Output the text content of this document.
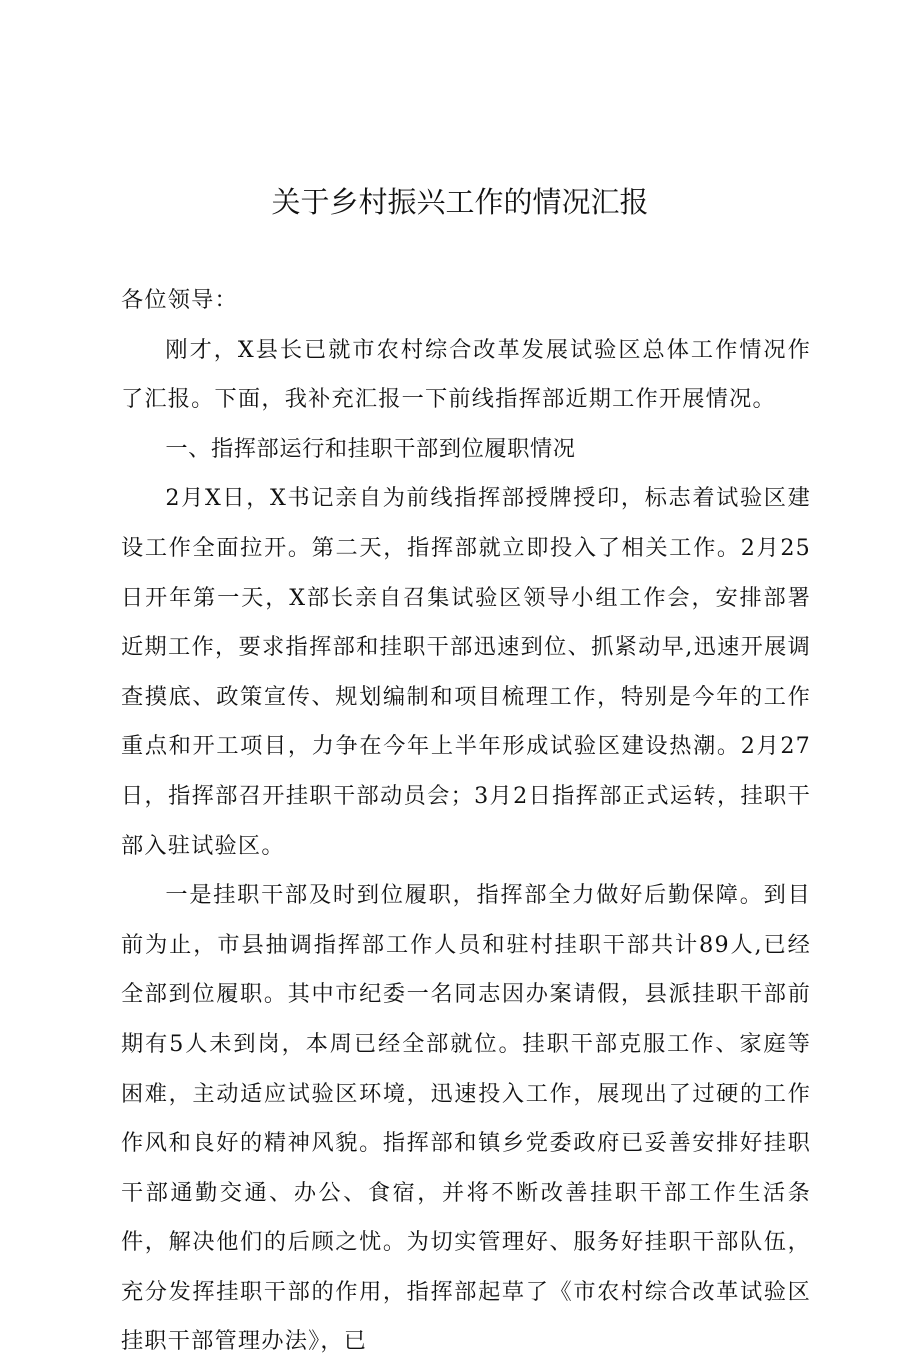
关于乡村振兴工作的情况汇报

各位领导：

刚才，X县长已就市农村综合改革发展试验区总体工作情况作了汇报。下面，我补充汇报一下前线指挥部近期工作开展情况。

一、指挥部运行和挂职干部到位履职情况

2月X日，X书记亲自为前线指挥部授牌授印，标志着试验区建设工作全面拉开。第二天，指挥部就立即投入了相关工作。2月25日开年第一天，X部长亲自召集试验区领导小组工作会，安排部署近期工作，要求指挥部和挂职干部迅速到位、抓紧动早,迅速开展调查摸底、政策宣传、规划编制和项目梳理工作，特别是今年的工作重点和开工项目，力争在今年上半年形成试验区建设热潮。2月27日，指挥部召开挂职干部动员会；3月2日指挥部正式运转，挂职干部入驻试验区。

一是挂职干部及时到位履职，指挥部全力做好后勤保障。到目前为止，市县抽调指挥部工作人员和驻村挂职干部共计89人,已经全部到位履职。其中市纪委一名同志因办案请假，县派挂职干部前期有5人未到岗，本周已经全部就位。挂职干部克服工作、家庭等困难，主动适应试验区环境，迅速投入工作，展现出了过硬的工作作风和良好的精神风貌。指挥部和镇乡党委政府已妥善安排好挂职干部通勤交通、办公、食宿，并将不断改善挂职干部工作生活条件，解决他们的后顾之忧。为切实管理好、服务好挂职干部队伍，充分发挥挂职干部的作用，指挥部起草了《市农村综合改革试验区挂职干部管理办法》，已
